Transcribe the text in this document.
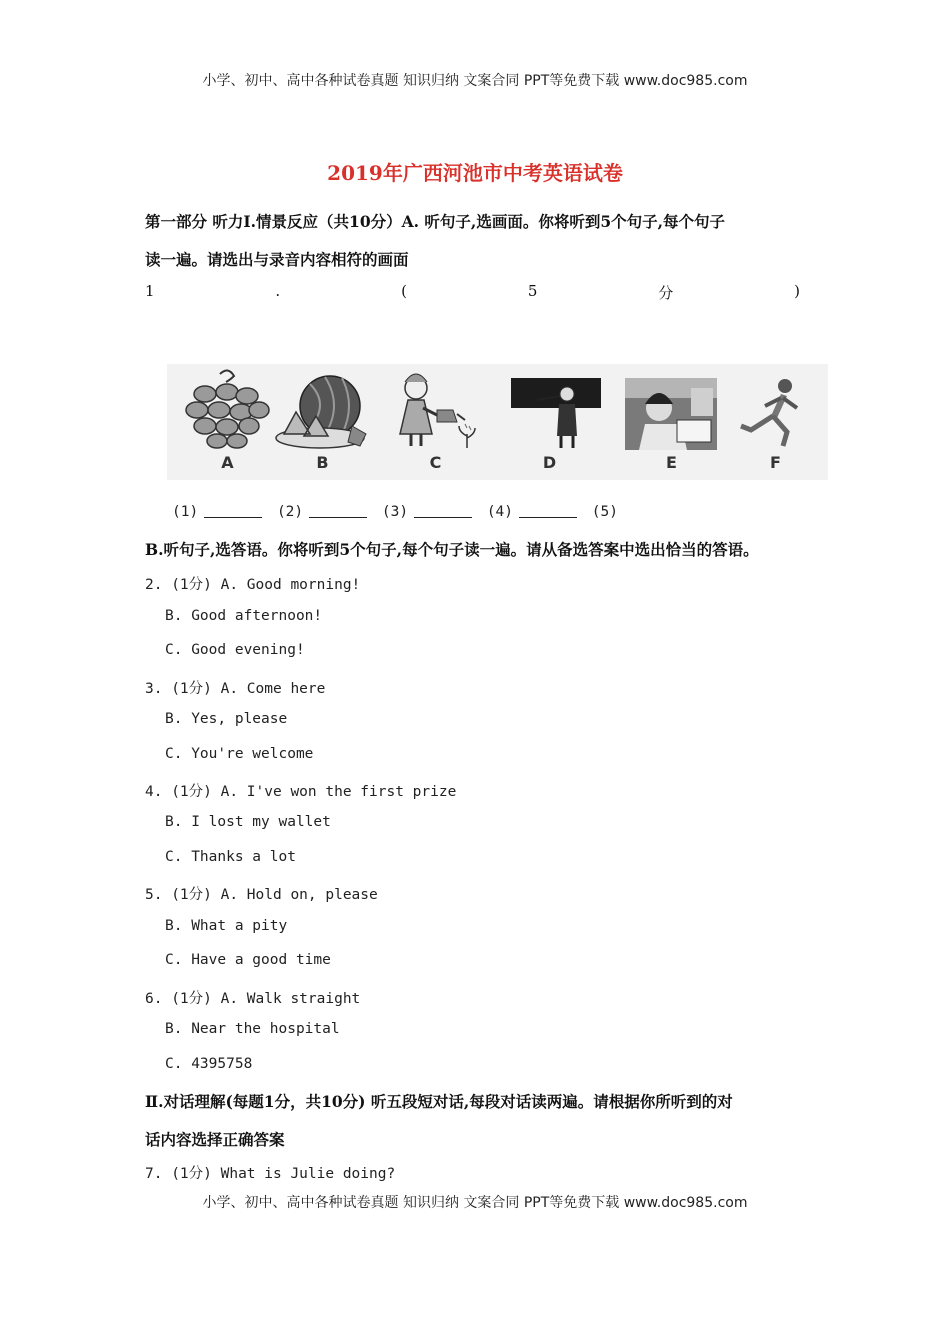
小学、初中、高中各种试卷真题 知识归纳 文案合同 PPT等免费下载 www.doc985.com
2019年广西河池市中考英语试卷
第一部分 听力Ⅰ.情景反应（共10分）A. 听句子,选画面。你将听到5个句子,每个句子
读一遍。请选出与录音内容相符的画面
1	.	(	5	分	)
A	B	C	D	E	F
(1)	(2)	(3)	(4)	(5)
B.听句子,选答语。你将听到5个句子,每个句子读一遍。请从备选答案中选出恰当的答语。
2. (1分) A. Good morning!
B. Good afternoon!
C. Good evening!
3. (1分) A. Come here
B. Yes, please
C. You're welcome
4. (1分) A. I've won the first prize
B. I lost my wallet
C. Thanks a lot
5. (1分) A. Hold on, please
B. What a pity
C. Have a good time
6. (1分) A. Walk straight
B. Near the hospital
C. 4395758
Ⅱ.对话理解(每题1分，共10分) 听五段短对话,每段对话读两遍。请根据你所听到的对
话内容选择正确答案
7. (1分) What is Julie doing?
小学、初中、高中各种试卷真题 知识归纳 文案合同 PPT等免费下载 www.doc985.com
